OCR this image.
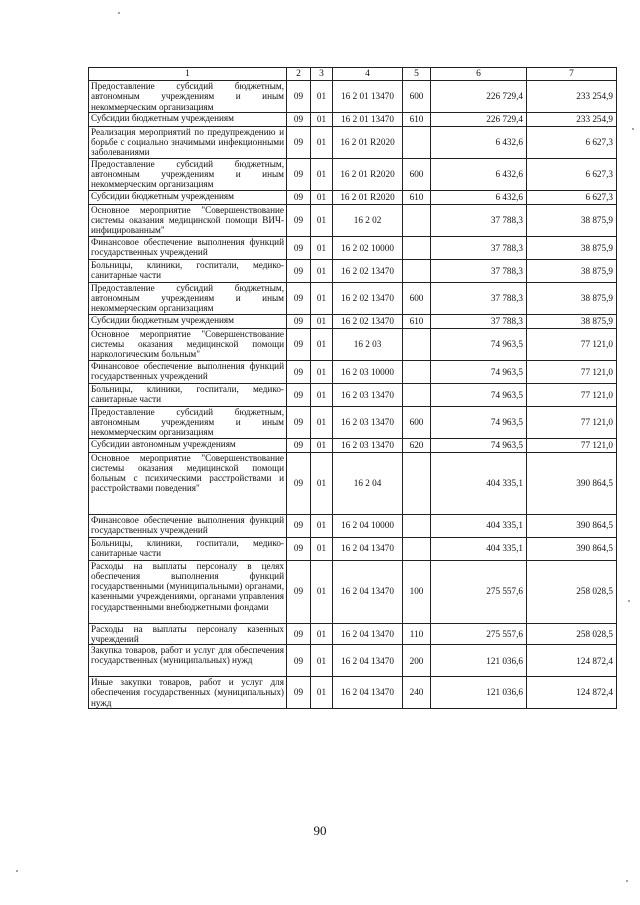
1	2	3	4	5	6	7
Предоставление субсидий бюджетным, автономным учреждениям и иным некоммерческим организациям	09	01	16 2 01 13470	600	226 729,4	233 254,9
Субсидии бюджетным учреждениям	09	01	16 2 01 13470	610	226 729,4	233 254,9
Реализация мероприятий по предупреждению и борьбе с социально значимыми инфекционными заболеваниями	09	01	16 2 01 R2020		6 432,6	6 627,3
Предоставление субсидий бюджетным, автономным учреждениям и иным некоммерческим организациям	09	01	16 2 01 R2020	600	6 432,6	6 627,3
Субсидии бюджетным учреждениям	09	01	16 2 01 R2020	610	6 432,6	6 627,3
Основное мероприятие "Совершенствование системы оказания медицинской помощи ВИЧ-инфицированным"	09	01	16 2 02		37 788,3	38 875,9
Финансовое обеспечение выполнения функций государственных учреждений	09	01	16 2 02 10000		37 788,3	38 875,9
Больницы, клиники, госпитали, медико-санитарные части	09	01	16 2 02 13470		37 788,3	38 875,9
Предоставление субсидий бюджетным, автономным учреждениям и иным некоммерческим организациям	09	01	16 2 02 13470	600	37 788,3	38 875,9
Субсидии бюджетным учреждениям	09	01	16 2 02 13470	610	37 788,3	38 875,9
Основное мероприятие "Совершенствование системы оказания медицинской помощи наркологическим больным"	09	01	16 2 03		74 963,5	77 121,0
Финансовое обеспечение выполнения функций государственных учреждений	09	01	16 2 03 10000		74 963,5	77 121,0
Больницы, клиники, госпитали, медико-санитарные части	09	01	16 2 03 13470		74 963,5	77 121,0
Предоставление субсидий бюджетным, автономным учреждениям и иным некоммерческим организациям	09	01	16 2 03 13470	600	74 963,5	77 121,0
Субсидии автономным учреждениям	09	01	16 2 03 13470	620	74 963,5	77 121,0
Основное мероприятие "Совершенствование системы оказания медицинской помощи больным с психическими расстройствами и расстройствами поведения"	09	01	16 2 04		404 335,1	390 864,5
Финансовое обеспечение выполнения функций государственных учреждений	09	01	16 2 04 10000		404 335,1	390 864,5
Больницы, клиники, госпитали, медико-санитарные части	09	01	16 2 04 13470		404 335,1	390 864,5
Расходы на выплаты персоналу в целях обеспечения выполнения функций государственными (муниципальными) органами, казенными учреждениями, органами управления государственными внебюджетными фондами	09	01	16 2 04 13470	100	275 557,6	258 028,5
Расходы на выплаты персоналу казенных учреждений	09	01	16 2 04 13470	110	275 557,6	258 028,5
Закупка товаров, работ и услуг для обеспечения государственных (муниципальных) нужд	09	01	16 2 04 13470	200	121 036,6	124 872,4
Иные закупки товаров, работ и услуг для обеспечения государственных (муниципальных) нужд	09	01	16 2 04 13470	240	121 036,6	124 872,4
90
